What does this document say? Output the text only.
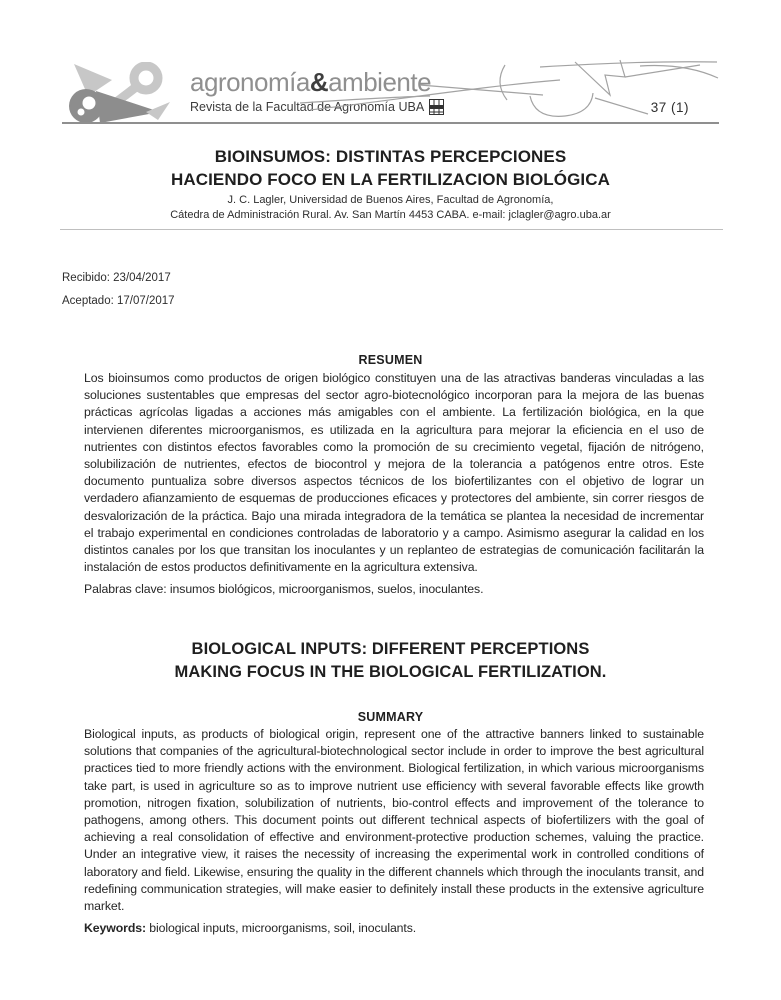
agronomía&ambiente
Revista de la Facultad de Agronomía UBA	37 (1)
BIOINSUMOS: DISTINTAS PERCEPCIONES
HACIENDO FOCO EN LA FERTILIZACION BIOLÓGICA
J. C. Lagler, Universidad de Buenos Aires, Facultad de Agronomía,
Cátedra de Administración Rural. Av. San Martín 4453 CABA. e-mail: jclagler@agro.uba.ar
Recibido: 23/04/2017
Aceptado: 17/07/2017
RESUMEN
Los bioinsumos como productos de origen biológico constituyen una de las atractivas banderas vinculadas a las soluciones sustentables que empresas del sector agro-biotecnológico incorporan para la mejora de las buenas prácticas agrícolas ligadas a acciones más amigables con el ambiente. La fertilización biológica, en la que intervienen diferentes microorganismos, es utilizada en la agricultura para mejorar la eficiencia en el uso de nutrientes con distintos efectos favorables como la promoción de su crecimiento vegetal, fijación de nitrógeno, solubilización de nutrientes, efectos de biocontrol y mejora de la tolerancia a patógenos entre otros. Este documento puntualiza sobre diversos aspectos técnicos de los biofertilizantes con el objetivo de lograr un verdadero afianzamiento de esquemas de producciones eficaces y protectores del ambiente, sin correr riesgos de desvalorización de la práctica. Bajo una mirada integradora de la temática se plantea la necesidad de incrementar el trabajo experimental en condiciones controladas de laboratorio y a campo. Asimismo asegurar la calidad en los distintos canales por los que transitan los inoculantes y un replanteo de estrategias de comunicación facilitarán la instalación de estos productos definitivamente en la agricultura extensiva.
Palabras clave: insumos biológicos, microorganismos, suelos, inoculantes.
BIOLOGICAL INPUTS: DIFFERENT PERCEPTIONS
MAKING FOCUS IN THE BIOLOGICAL FERTILIZATION.
SUMMARY
Biological inputs, as products of biological origin, represent one of the attractive banners linked to sustainable solutions that companies of the agricultural-biotechnological sector include in order to improve the best agricultural practices tied to more friendly actions with the environment. Biological fertilization, in which various microorganisms take part, is used in agriculture so as to improve nutrient use efficiency with several favorable effects like growth promotion, nitrogen fixation, solubilization of nutrients, bio-control effects and improvement of the tolerance to pathogens, among others. This document points out different technical aspects of biofertilizers with the goal of achieving a real consolidation of effective and environment-protective production schemes, valuing the practice. Under an integrative view, it raises the necessity of increasing the experimental work in controlled conditions of laboratory and field. Likewise, ensuring the quality in the different channels which through the inoculants transit, and redefining communication strategies, will make easier to definitely install these products in the extensive agriculture market.
Keywords: biological inputs, microorganisms, soil, inoculants.
